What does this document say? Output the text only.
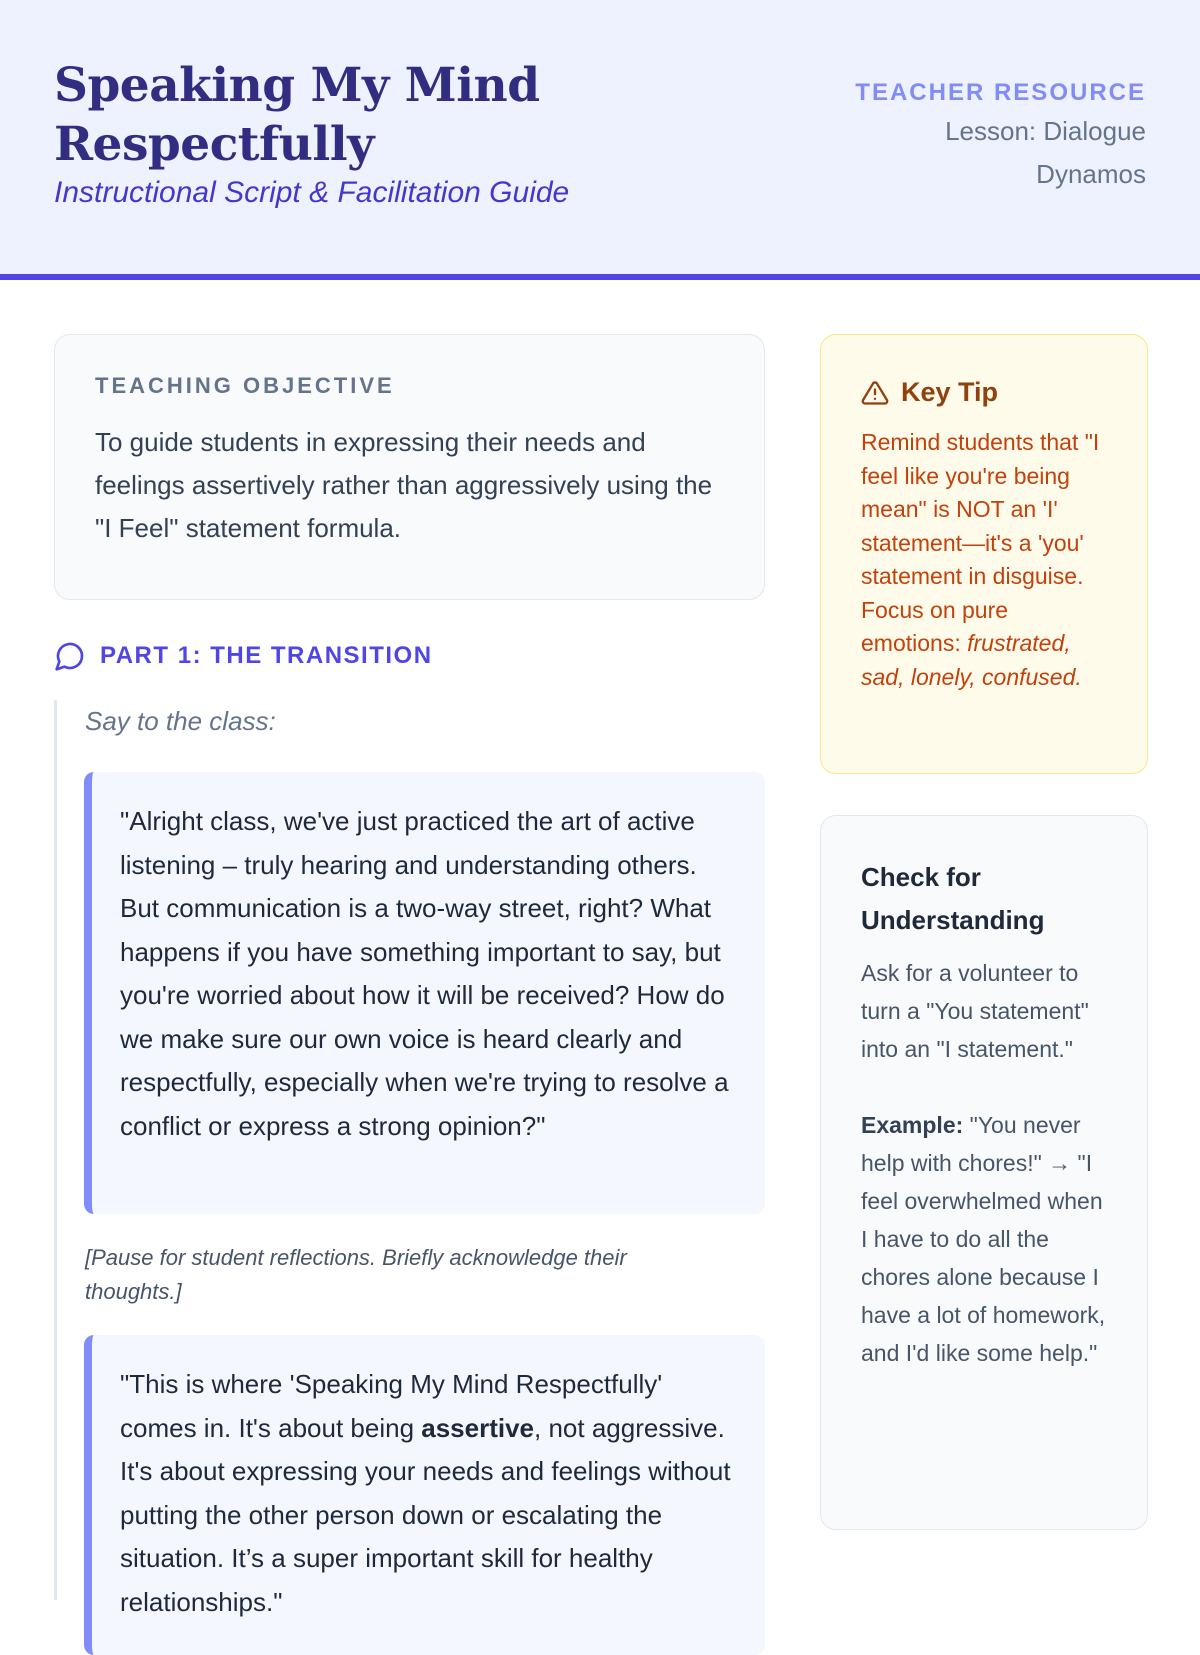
Speaking My Mind Respectfully
Instructional Script & Facilitation Guide
TEACHER RESOURCE
Lesson: Dialogue Dynamos
TEACHING OBJECTIVE

To guide students in expressing their needs and feelings assertively rather than aggressively using the "I Feel" statement formula.

PART 1: THE TRANSITION
Say to the class:
"Alright class, we've just practiced the art of active listening – truly hearing and understanding others. But communication is a two-way street, right? What happens if you have something important to say, but you're worried about how it will be received? How do we make sure our own voice is heard clearly and respectfully, especially when we're trying to resolve a conflict or express a strong opinion?"
[Pause for student reflections. Briefly acknowledge their thoughts.]
"This is where 'Speaking My Mind Respectfully' comes in. It's about being assertive, not aggressive. It's about expressing your needs and feelings without putting the other person down or escalating the situation. It’s a super important skill for healthy relationships."
Key Tip

Remind students that "I feel like you're being mean" is NOT an 'I' statement—it's a 'you' statement in disguise. Focus on pure emotions: frustrated, sad, lonely, confused.

Check for Understanding

Ask for a volunteer to turn a "You statement" into an "I statement."

Example: "You never help with chores!" → "I feel overwhelmed when I have to do all the chores alone because I have a lot of homework, and I'd like some help."
